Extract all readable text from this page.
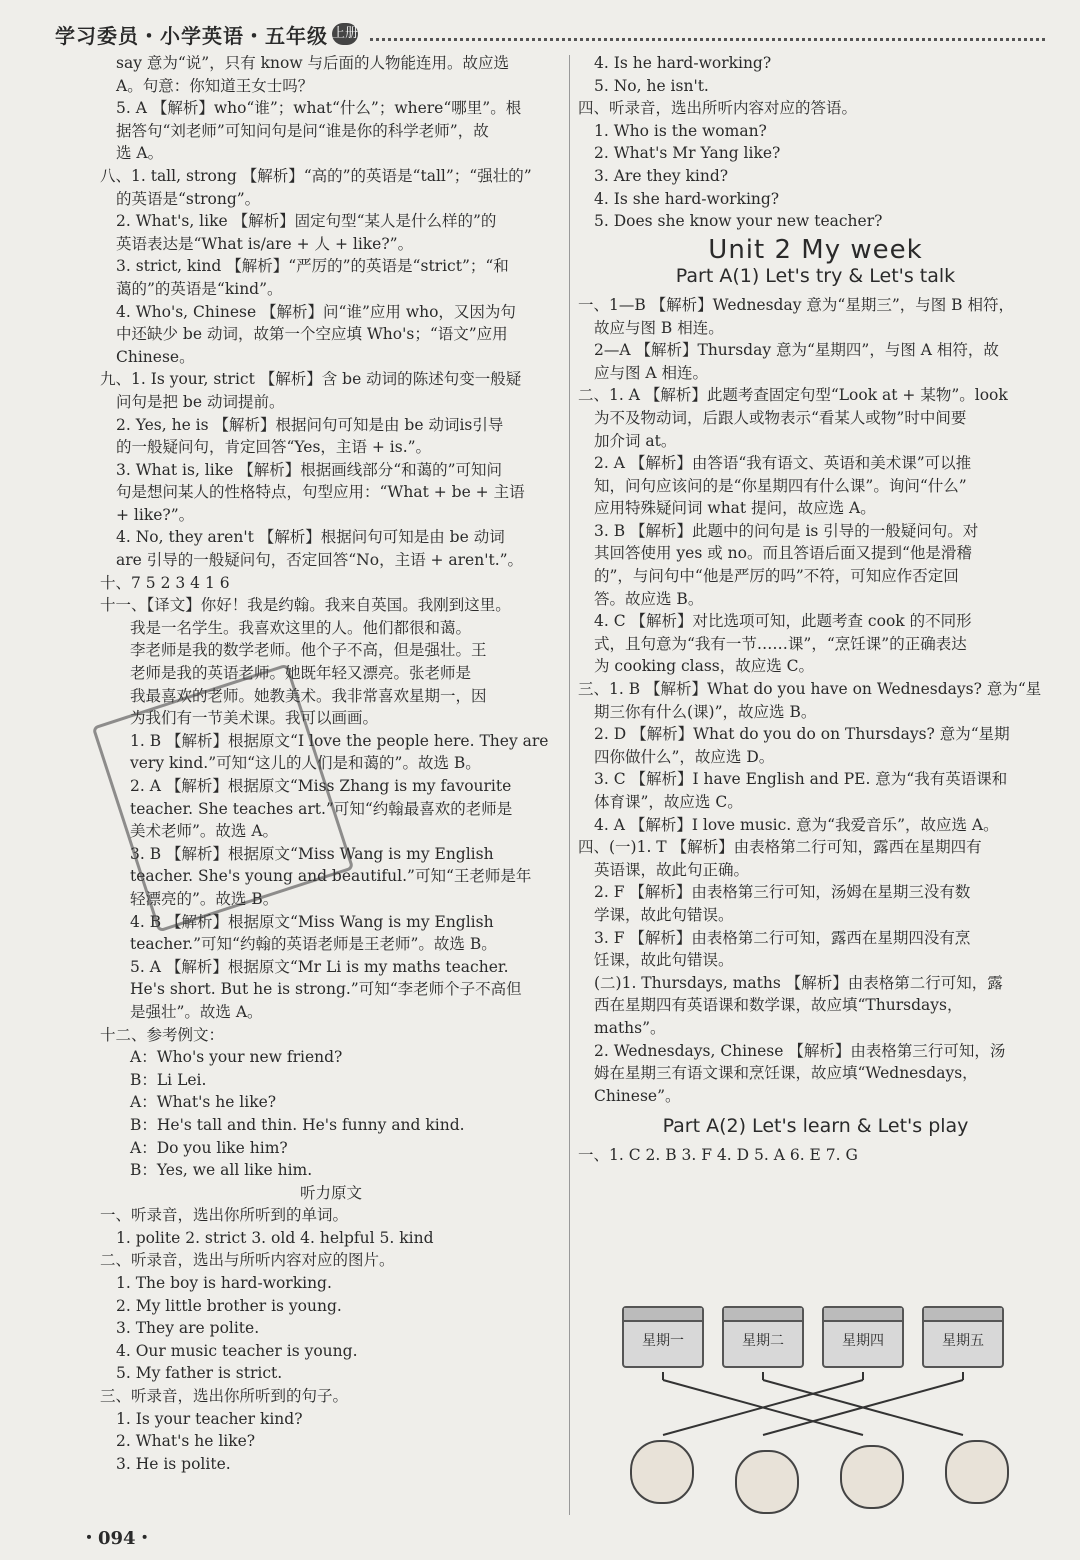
学习委员・小学英语・五年级 上册
say 意为“说”，只有 know 与后面的人物能连用。故应选
A。句意：你知道王女士吗？
5. A 【解析】who“谁”；what“什么”；where“哪里”。根
据答句“刘老师”可知问句是问“谁是你的科学老师”，故
选 A。
八、1. tall, strong 【解析】“高的”的英语是“tall”；“强壮的”
的英语是“strong”。
2. What's, like 【解析】固定句型“某人是什么样的”的
英语表达是“What is/are + 人 + like?”。
3. strict, kind 【解析】“严厉的”的英语是“strict”；“和
蔼的”的英语是“kind”。
4. Who's, Chinese 【解析】问“谁”应用 who，又因为句
中还缺少 be 动词，故第一个空应填 Who's；“语文”应用
Chinese。
九、1. Is your, strict 【解析】含 be 动词的陈述句变一般疑
问句是把 be 动词提前。
2. Yes, he is 【解析】根据问句可知是由 be 动词is引导
的一般疑问句，肯定回答“Yes，主语 + is.”。
3. What is, like 【解析】根据画线部分“和蔼的”可知问
句是想问某人的性格特点，句型应用：“What + be + 主语
+ like?”。
4. No, they aren't 【解析】根据问句可知是由 be 动词
are 引导的一般疑问句，否定回答“No，主语 + aren't.”。
十、7 5 2 3 4 1 6
十一、【译文】你好！我是约翰。我来自英国。我刚到这里。
我是一名学生。我喜欢这里的人。他们都很和蔼。
李老师是我的数学老师。他个子不高，但是强壮。王
老师是我的英语老师。她既年轻又漂亮。张老师是
我最喜欢的老师。她教美术。我非常喜欢星期一，因
为我们有一节美术课。我可以画画。
1. B 【解析】根据原文“I love the people here. They are
very kind.”可知“这儿的人们是和蔼的”。故选 B。
2. A 【解析】根据原文“Miss Zhang is my favourite
teacher. She teaches art.”可知“约翰最喜欢的老师是
美术老师”。故选 A。
3. B 【解析】根据原文“Miss Wang is my English
teacher. She's young and beautiful.”可知“王老师是年
轻漂亮的”。故选 B。
4. B 【解析】根据原文“Miss Wang is my English
teacher.”可知“约翰的英语老师是王老师”。故选 B。
5. A 【解析】根据原文“Mr Li is my maths teacher.
He's short. But he is strong.”可知“李老师个子不高但
是强壮”。故选 A。
十二、参考例文：
A：Who's your new friend?
B：Li Lei.
A：What's he like?
B：He's tall and thin. He's funny and kind.
A：Do you like him?
B：Yes, we all like him.
听力原文
一、听录音，选出你所听到的单词。
1. polite 2. strict 3. old 4. helpful 5. kind
二、听录音，选出与所听内容对应的图片。
1. The boy is hard-working.
2. My little brother is young.
3. They are polite.
4. Our music teacher is young.
5. My father is strict.
三、听录音，选出你所听到的句子。
1. Is your teacher kind?
2. What's he like?
3. He is polite.
4. Is he hard-working?
5. No, he isn't.
四、听录音，选出所听内容对应的答语。
1. Who is the woman?
2. What's Mr Yang like?
3. Are they kind?
4. Is she hard-working?
5. Does she know your new teacher?
Unit 2 My week
Part A(1) Let's try & Let's talk
一、1—B 【解析】Wednesday 意为“星期三”，与图 B 相符，
故应与图 B 相连。
2—A 【解析】Thursday 意为“星期四”，与图 A 相符，故
应与图 A 相连。
二、1. A 【解析】此题考查固定句型“Look at + 某物”。look
为不及物动词，后跟人或物表示“看某人或物”时中间要
加介词 at。
2. A 【解析】由答语“我有语文、英语和美术课”可以推
知，问句应该问的是“你星期四有什么课”。询问“什么”
应用特殊疑问词 what 提问，故应选 A。
3. B 【解析】此题中的问句是 is 引导的一般疑问句。对
其回答使用 yes 或 no。而且答语后面又提到“他是滑稽
的”，与问句中“他是严厉的吗”不符，可知应作否定回
答。故应选 B。
4. C 【解析】对比选项可知，此题考查 cook 的不同形
式，且句意为“我有一节……课”，“烹饪课”的正确表达
为 cooking class，故应选 C。
三、1. B 【解析】What do you have on Wednesdays? 意为“星
期三你有什么(课)”，故应选 B。
2. D 【解析】What do you do on Thursdays? 意为“星期
四你做什么”，故应选 D。
3. C 【解析】I have English and PE. 意为“我有英语课和
体育课”，故应选 C。
4. A 【解析】I love music. 意为“我爱音乐”，故应选 A。
四、(一)1. T 【解析】由表格第二行可知，露西在星期四有
英语课，故此句正确。
2. F 【解析】由表格第三行可知，汤姆在星期三没有数
学课，故此句错误。
3. F 【解析】由表格第二行可知，露西在星期四没有烹
饪课，故此句错误。
(二)1. Thursdays, maths 【解析】由表格第二行可知，露
西在星期四有英语课和数学课，故应填“Thursdays，
maths”。
2. Wednesdays, Chinese 【解析】由表格第三行可知，汤
姆在星期三有语文课和烹饪课，故应填“Wednesdays，
Chinese”。
Part A(2) Let's learn & Let's play
一、1. C 2. B 3. F 4. D 5. A 6. E 7. G
星期一	星期二	星期四	星期五
・094・
